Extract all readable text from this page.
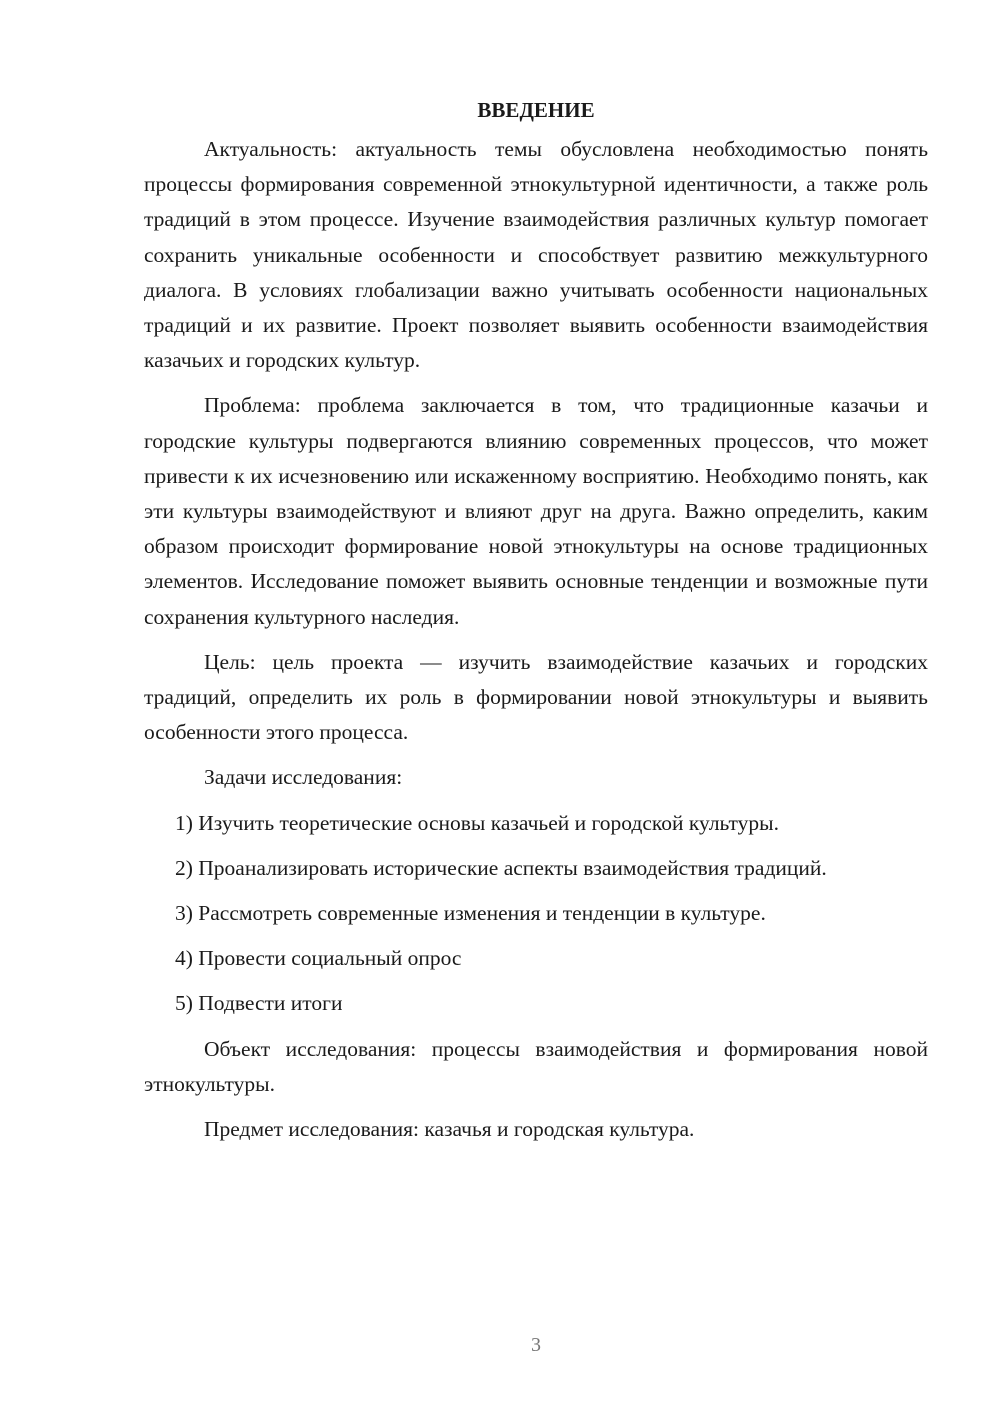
ВВЕДЕНИЕ

Актуальность: актуальность темы обусловлена необходимостью понять процессы формирования современной этнокультурной идентичности, а также роль традиций в этом процессе. Изучение взаимодействия различных культур помогает сохранить уникальные особенности и способствует развитию межкультурного диалога. В условиях глобализации важно учитывать особенности национальных традиций и их развитие. Проект позволяет выявить особенности взаимодействия казачьих и городских культур.

Проблема: проблема заключается в том, что традиционные казачьи и городские культуры подвергаются влиянию современных процессов, что может привести к их исчезновению или искаженному восприятию. Необходимо понять, как эти культуры взаимодействуют и влияют друг на друга. Важно определить, каким образом происходит формирование новой этнокультуры на основе традиционных элементов. Исследование поможет выявить основные тенденции и возможные пути сохранения культурного наследия.

Цель: цель проекта — изучить взаимодействие казачьих и городских традиций, определить их роль в формировании новой этнокультуры и выявить особенности этого процесса.

Задачи исследования:

1) Изучить теоретические основы казачьей и городской культуры.

2) Проанализировать исторические аспекты взаимодействия традиций.

3) Рассмотреть современные изменения и тенденции в культуре.

4) Провести социальный опрос

5) Подвести итоги

Объект исследования: процессы взаимодействия и формирования новой этнокультуры.

Предмет исследования: казачья и городская культура.

3
